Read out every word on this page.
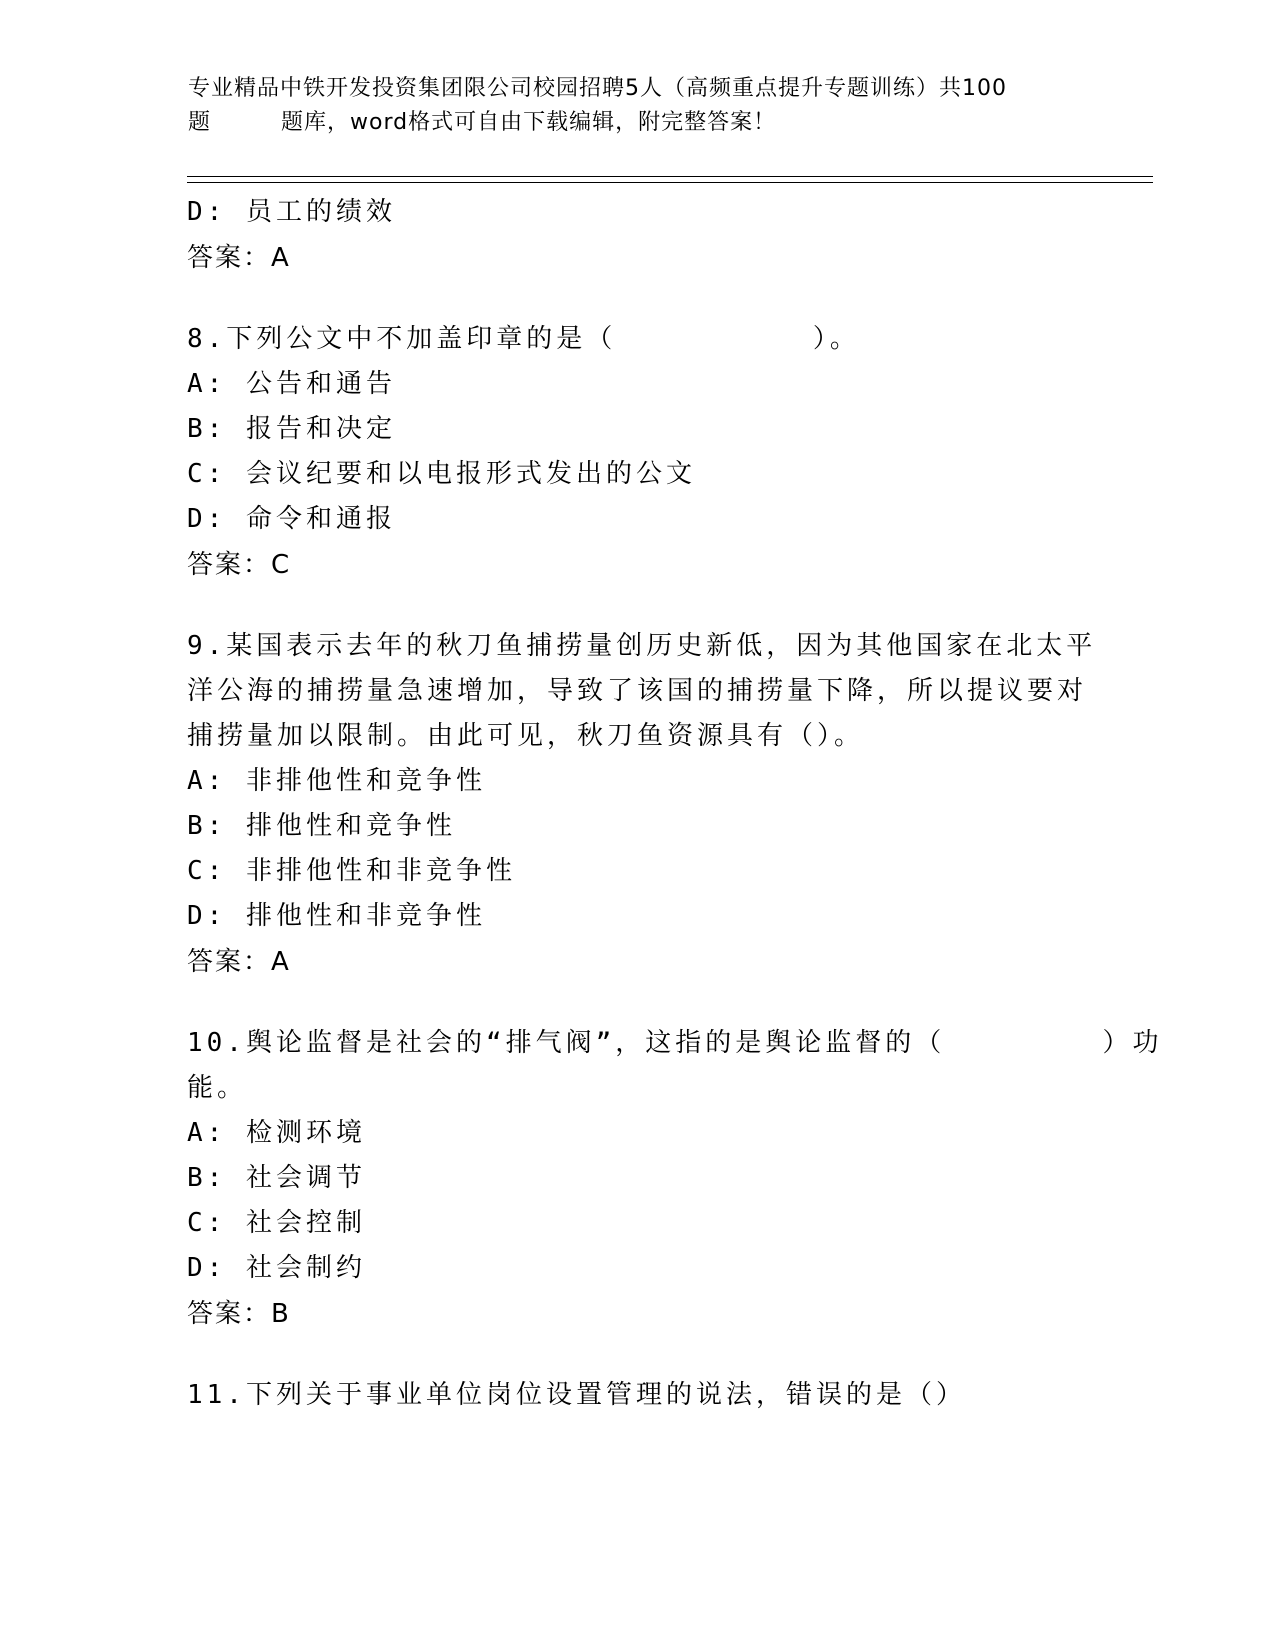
专业精品中铁开发投资集团限公司校园招聘5人（高频重点提升专题训练）共100
题	题库，word格式可自由下载编辑，附完整答案！
D: 员工的绩效
答案：A
8.下列公文中不加盖印章的是（          ）。
A: 公告和通告
B: 报告和决定
C: 会议纪要和以电报形式发出的公文
D: 命令和通报
答案：C
9.某国表示去年的秋刀鱼捕捞量创历史新低，因为其他国家在北太平
洋公海的捕捞量急速增加，导致了该国的捕捞量下降，所以提议要对
捕捞量加以限制。由此可见，秋刀鱼资源具有（）。
A: 非排他性和竞争性
B: 排他性和竞争性
C: 非排他性和非竞争性
D: 排他性和非竞争性
答案：A
10.舆论监督是社会的“排气阀”，这指的是舆论监督的（        ）功
能。
A: 检测环境
B: 社会调节
C: 社会控制
D: 社会制约
答案：B
11.下列关于事业单位岗位设置管理的说法，错误的是（）
